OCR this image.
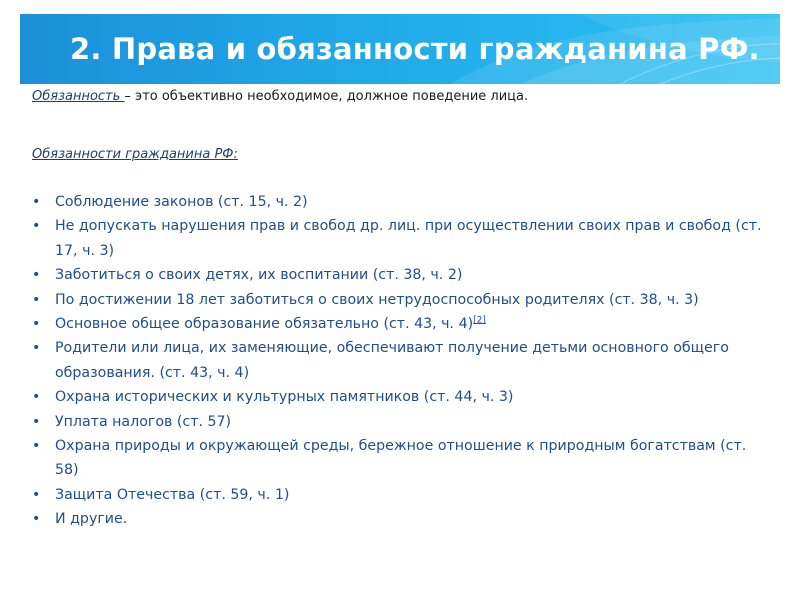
2. Права и обязанности гражданина РФ.

Обязанность – это объективно необходимое, должное поведение лица.

Обязанности гражданина РФ:

• Соблюдение законов (ст. 15, ч. 2)
• Не допускать нарушения прав и свобод др. лиц. при осуществлении своих прав и свобод (ст. 17, ч. 3)
• Заботиться о своих детях, их воспитании (ст. 38, ч. 2)
• По достижении 18 лет заботиться о своих нетрудоспособных родителях (ст. 38, ч. 3)
• Основное общее образование обязательно (ст. 43, ч. 4)[2]
• Родители или лица, их заменяющие, обеспечивают получение детьми основного общего образования. (ст. 43, ч. 4)
• Охрана исторических и культурных памятников (ст. 44, ч. 3)
• Уплата налогов (ст. 57)
• Охрана природы и окружающей среды, бережное отношение к природным богатствам (ст. 58)
• Защита Отечества (ст. 59, ч. 1)
• И другие.
